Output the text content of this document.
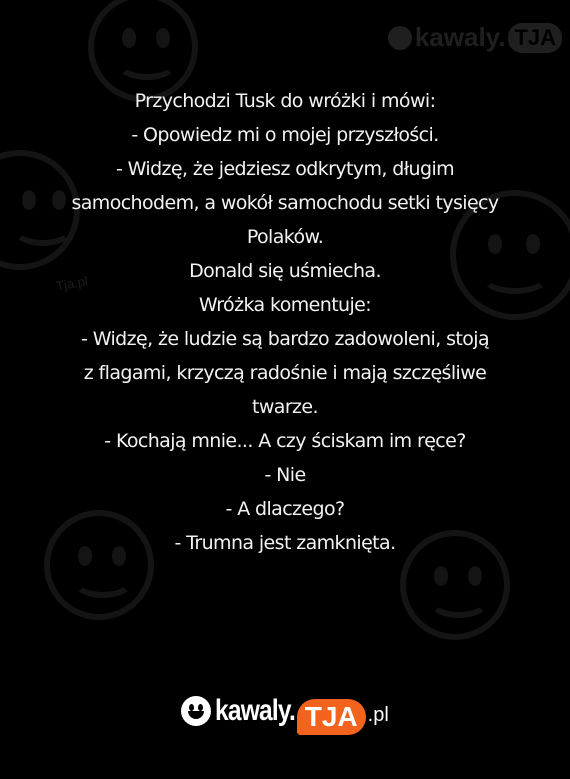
kawaly. TJA
Tja.pl
Przychodzi Tusk do wróżki i mówi:
- Opowiedz mi o mojej przyszłości.
- Widzę, że jedziesz odkrytym, długim
samochodem, a wokół samochodu setki tysięcy
Polaków.
Donald się uśmiecha.
Wróżka komentuje:
- Widzę, że ludzie są bardzo zadowoleni, stoją
z flagami, krzyczą radośnie i mają szczęśliwe
twarze.
- Kochają mnie... A czy ściskam im ręce?
- Nie
- A dlaczego?
- Trumna jest zamknięta.
kawaly. TJA .pl
